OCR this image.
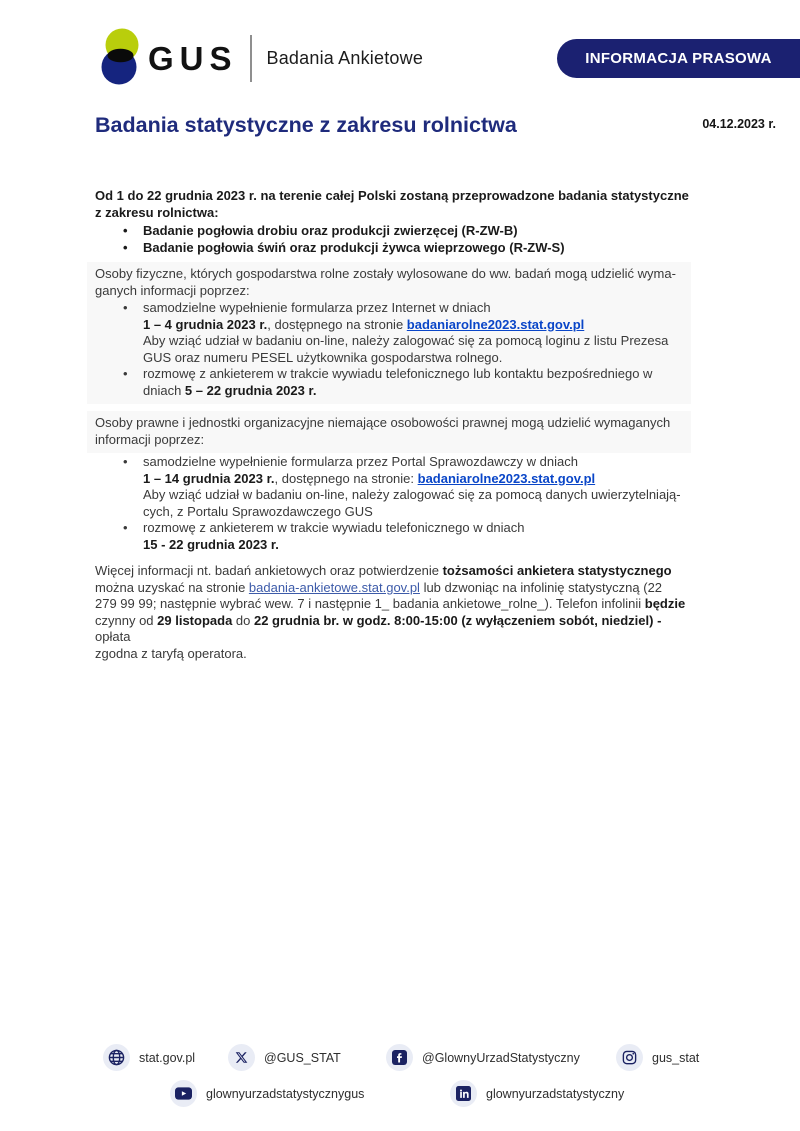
GUS Badania Ankietowe	INFORMACJA PRASOWA
Badania statystyczne z zakresu rolnictwa	04.12.2023 r.
Od 1 do 22 grudnia 2023 r. na terenie całej Polski zostaną przeprowadzone badania statystyczne
z zakresu rolnictwa:
• Badanie pogłowia drobiu oraz produkcji zwierzęcej (R-ZW-B)
• Badanie pogłowia świń oraz produkcji żywca wieprzowego (R-ZW-S)
Osoby fizyczne, których gospodarstwa rolne zostały wylosowane do ww. badań mogą udzielić wyma-
ganych informacji poprzez:
• samodzielne wypełnienie formularza przez Internet w dniach
1 – 4 grudnia 2023 r., dostępnego na stronie badaniarolne2023.stat.gov.pl
Aby wziąć udział w badaniu on-line, należy zalogować się za pomocą loginu z listu Prezesa
GUS oraz numeru PESEL użytkownika gospodarstwa rolnego.
• rozmowę z ankieterem w trakcie wywiadu telefonicznego lub kontaktu bezpośredniego w
dniach 5 – 22 grudnia 2023 r.
Osoby prawne i jednostki organizacyjne niemające osobowości prawnej mogą udzielić wymaganych
informacji poprzez:
• samodzielne wypełnienie formularza przez Portal Sprawozdawczy w dniach
1 – 14 grudnia 2023 r., dostępnego na stronie: badaniarolne2023.stat.gov.pl
Aby wziąć udział w badaniu on-line, należy zalogować się za pomocą danych uwierzytelniają-
cych, z Portalu Sprawozdawczego GUS
• rozmowę z ankieterem w trakcie wywiadu telefonicznego w dniach
15 - 22 grudnia 2023 r.
Więcej informacji nt. badań ankietowych oraz potwierdzenie tożsamości ankietera statystycznego
można uzyskać na stronie badania-ankietowe.stat.gov.pl lub dzwoniąc na infolinię statystyczną (22
279 99 99; następnie wybrać wew. 7 i następnie 1_ badania ankietowe_rolne_). Telefon infolinii będzie
czynny od 29 listopada do 22 grudnia br. w godz. 8:00-15:00 (z wyłączeniem sobót, niedziel) - opłata
zgodna z taryfą operatora.
stat.gov.pl	@GUS_STAT	@GlownyUrzadStatystyczny	gus_stat
glownyurzadstatystycznygus	glownyurzadstatystyczny
